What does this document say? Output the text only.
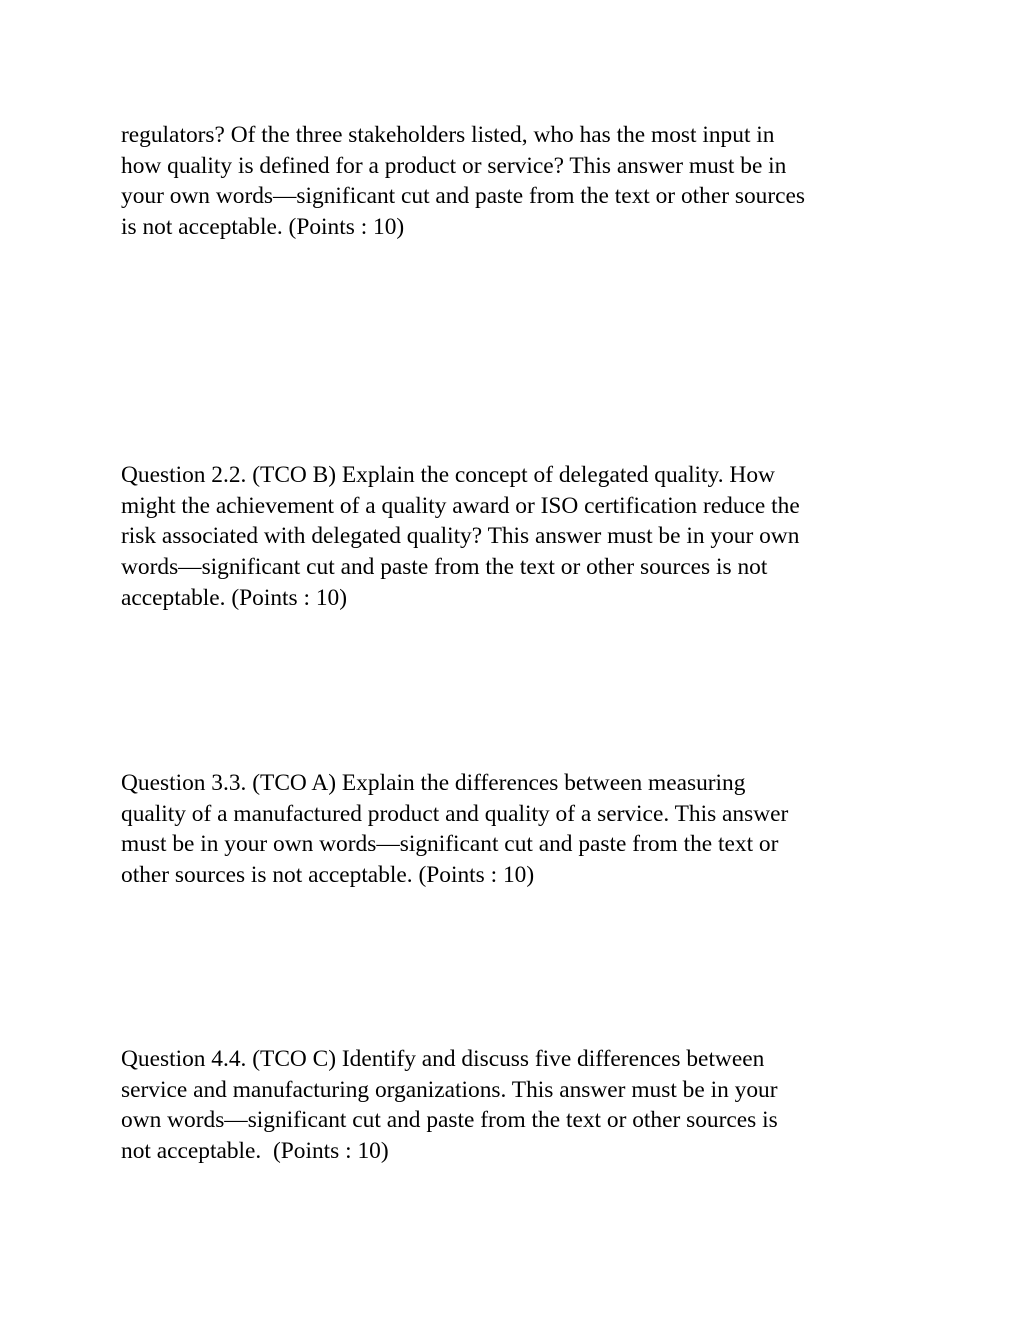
regulators? Of the three stakeholders listed, who has the most input in
how quality is defined for a product or service? This answer must be in
your own words—significant cut and paste from the text or other sources
is not acceptable. (Points : 10)

Question 2.2. (TCO B) Explain the concept of delegated quality. How
might the achievement of a quality award or ISO certification reduce the
risk associated with delegated quality? This answer must be in your own
words—significant cut and paste from the text or other sources is not
acceptable. (Points : 10)

Question 3.3. (TCO A) Explain the differences between measuring
quality of a manufactured product and quality of a service. This answer
must be in your own words—significant cut and paste from the text or
other sources is not acceptable. (Points : 10)

Question 4.4. (TCO C) Identify and discuss five differences between
service and manufacturing organizations. This answer must be in your
own words—significant cut and paste from the text or other sources is
not acceptable.  (Points : 10)
